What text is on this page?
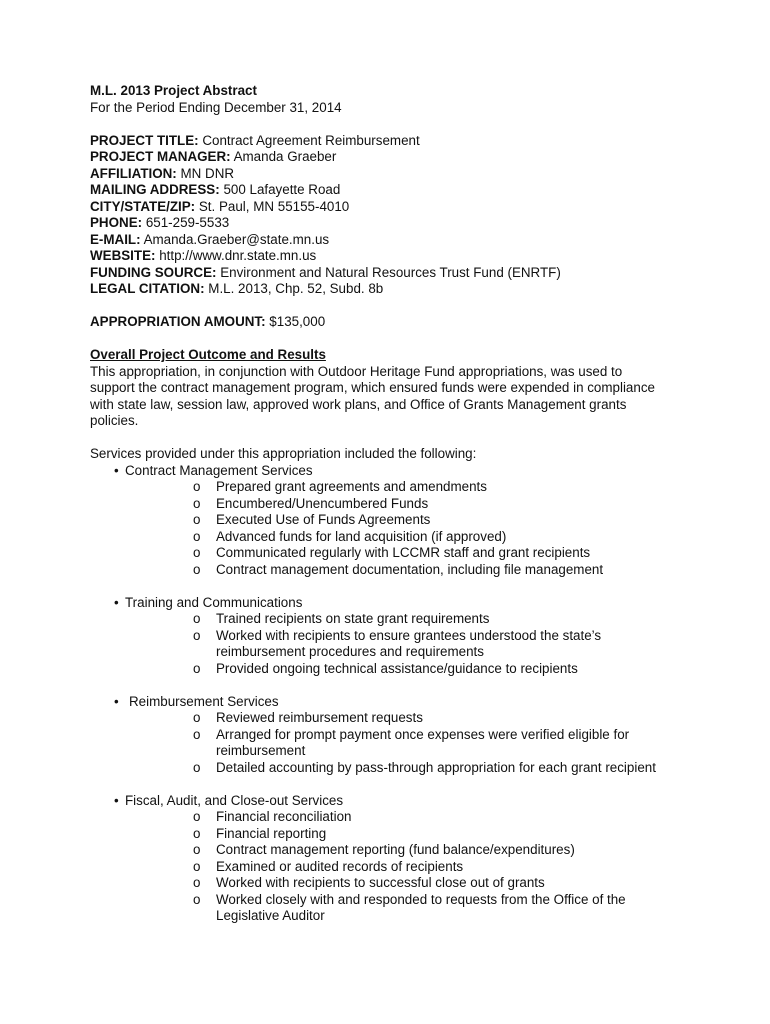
M.L. 2013 Project Abstract
For the Period Ending December 31, 2014
PROJECT TITLE: Contract Agreement Reimbursement
PROJECT MANAGER: Amanda Graeber
AFFILIATION: MN DNR
MAILING ADDRESS: 500 Lafayette Road
CITY/STATE/ZIP: St. Paul, MN 55155-4010
PHONE: 651-259-5533
E-MAIL: Amanda.Graeber@state.mn.us
WEBSITE: http://www.dnr.state.mn.us
FUNDING SOURCE: Environment and Natural Resources Trust Fund (ENRTF)
LEGAL CITATION: M.L. 2013, Chp. 52, Subd. 8b
APPROPRIATION AMOUNT: $135,000
Overall Project Outcome and Results
This appropriation, in conjunction with Outdoor Heritage Fund appropriations, was used to
support the contract management program, which ensured funds were expended in compliance
with state law, session law, approved work plans, and Office of Grants Management grants
policies.
Services provided under this appropriation included the following:
• Contract Management Services
o Prepared grant agreements and amendments
o Encumbered/Unencumbered Funds
o Executed Use of Funds Agreements
o Advanced funds for land acquisition (if approved)
o Communicated regularly with LCCMR staff and grant recipients
o Contract management documentation, including file management
• Training and Communications
o Trained recipients on state grant requirements
o Worked with recipients to ensure grantees understood the state’s reimbursement procedures and requirements
o Provided ongoing technical assistance/guidance to recipients
• Reimbursement Services
o Reviewed reimbursement requests
o Arranged for prompt payment once expenses were verified eligible for reimbursement
o Detailed accounting by pass-through appropriation for each grant recipient
• Fiscal, Audit, and Close-out Services
o Financial reconciliation
o Financial reporting
o Contract management reporting (fund balance/expenditures)
o Examined or audited records of recipients
o Worked with recipients to successful close out of grants
o Worked closely with and responded to requests from the Office of the Legislative Auditor
